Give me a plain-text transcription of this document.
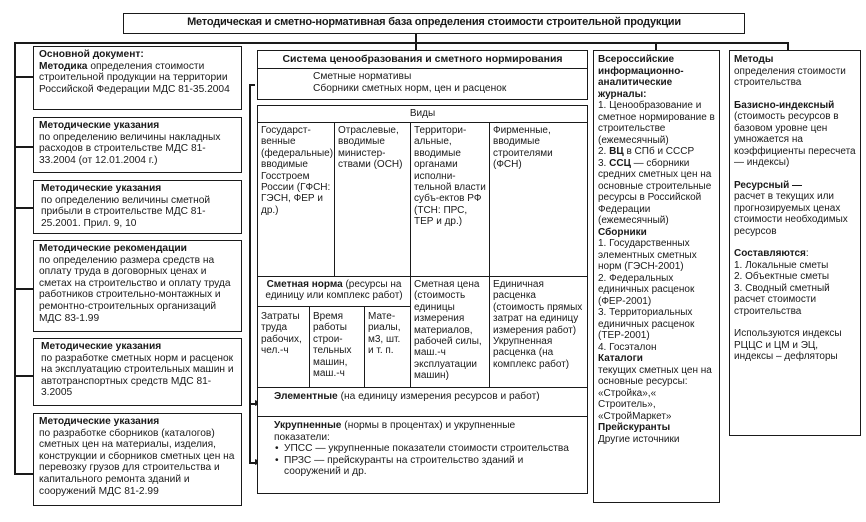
Методическая и сметно-нормативная база определения стоимости строительной продукции
Основной документ:
Методика определения стоимости строительной продукции на территории Российской Федерации МДС 81-35.2004
Методические указания
по определению величины накладных расходов в строительстве МДС 81-33.2004 (от 12.01.2004 г.)
Методические указания
по определению величины сметной прибыли в строительстве МДС 81-25.2001. Прил. 9, 10
Методические рекомендации
по определению размера средств на оплату труда в договорных ценах и сметах на строительство и оплату труда работников строительно-монтажных и ремонтно-строительных организаций МДС 83-1.99
Методические указания
по разработке сметных норм и расценок на эксплуатацию строительных машин и автотранспортных средств МДС 81-3.2005
Методические указания
по разработке сборников (каталогов) сметных цен на материалы, изделия, конструкции и сборников сметных цен на перевозку грузов для строительства и капитального ремонта зданий и сооружений МДС 81-2.99
Система ценообразования и сметного нормирования
Сметные нормативы
Сборники сметных норм, цен и расценок
Виды
Государст-венные (федеральные), вводимые Госстроем России (ГФСН: ГЭСН, ФЕР и др.)
Отраслевые, вводимые министер-ствами (ОСН)
Территори-альные, вводимые органами исполни-тельной власти субъ-ектов РФ (ТСН: ПРС, ТЕР и др.)
Фирменные, вводимые строителями (ФСН)
Сметная норма (ресурсы на единицу или комплекс работ)
Затраты труда рабочих, чел.-ч
Время работы строи-тельных машин, маш.-ч
Мате-риалы, м3, шт. и т. п.
Сметная цена (стоимость единицы измерения материалов, рабочей силы, маш.-ч эксплуатации машин)
Единичная расценка (стоимость прямых затрат на единицу измерения работ)
Укрупненная расценка (на комплекс работ)
Элементные (на единицу измерения ресурсов и работ)
Укрупненные (нормы в процентах) и укрупненные показатели:
• УПСС — укрупненные показатели стоимости строительства
• ПРЗС — прейскуранты на строительство зданий и сооружений и др.
Всероссийские информационно-аналитические журналы:
1. Ценообразование и сметное нормирование в строительстве (ежемесячный)
2. ВЦ в СПб и СССР
3. ССЦ — сборники средних сметных цен на основные строительные ресурсы в Российской Федерации (ежемесячный)
Сборники
1. Государственных элементных сметных норм (ГЭСН-2001)
2. Федеральных единичных расценок (ФЕР-2001)
3. Территориальных единичных расценок (ТЕР-2001)
4. Госэталон
Каталоги
текущих сметных цен на основные ресурсы: «Стройка»,« Строитель», «СтройМаркет»
Прейскуранты
Другие источники
Методы
определения стоимости строительства
Базисно-индексный
(стоимость ресурсов в базовом уровне цен умножается на коэффициенты пересчета — индексы)
Ресурсный —
расчет в текущих или прогнозируемых ценах стоимости необходимых ресурсов
Составляются:
1. Локальные сметы
2. Объектные сметы
3. Сводный сметный расчет стоимости строительства
Используются индексы РЦЦС и ЦМ и ЭЦ, индексы – дефляторы
